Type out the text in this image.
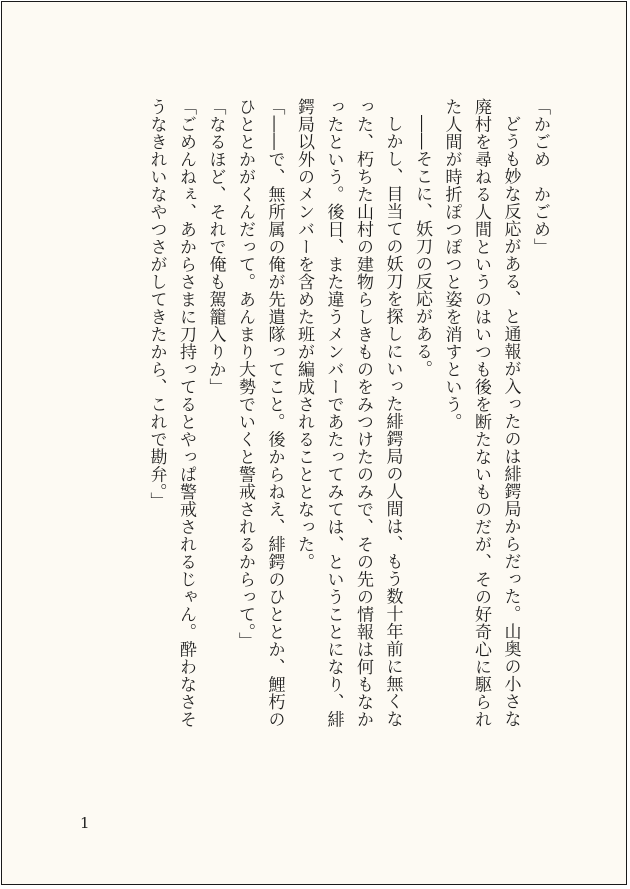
「かごめ　かごめ」
どうも妙な反応がある、と通報が入ったのは緋鍔局からだった。山奥の小さな
廃村を尋ねる人間というのはいつも後を断たないものだが、その好奇心に駆られ
た人間が時折ぽつぽつと姿を消すという。
――そこに、妖刀の反応がある。
しかし、目当ての妖刀を探しにいった緋鍔局の人間は、もう数十年前に無くな
った、朽ちた山村の建物らしきものをみつけたのみで、その先の情報は何もなか
ったという。後日、また違うメンバーであたってみては、ということになり、緋
鍔局以外のメンバーを含めた班が編成されることとなった。
「――で、無所属の俺が先遣隊ってこと。後からねえ、緋鍔のひととか、鯉朽の
ひととかがくんだって。あんまり大勢でいくと警戒されるからって。」
「なるほど、それで俺も駕籠入りか」
「ごめんねぇ、あからさまに刀持ってるとやっぱ警戒されるじゃん。酔わなさそ
うなきれいなやつさがしてきたから、これで勘弁。」
1
